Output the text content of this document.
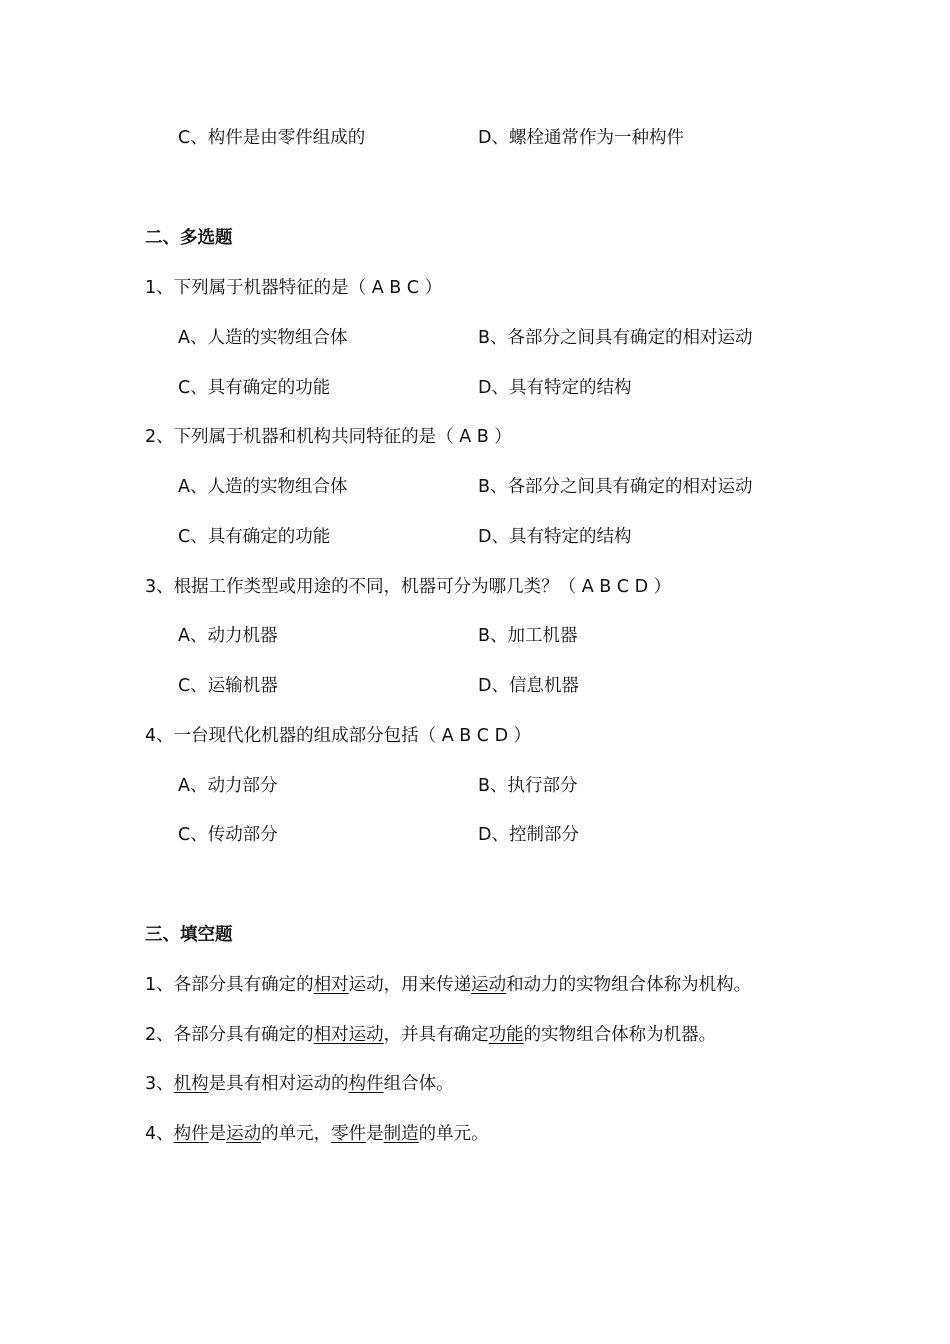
C、构件是由零件组成的	D、螺栓通常作为一种构件
二、多选题
1、下列属于机器特征的是（ A B C ）
A、人造的实物组合体	B、各部分之间具有确定的相对运动
C、具有确定的功能	D、具有特定的结构
2、下列属于机器和机构共同特征的是（ A B ）
A、人造的实物组合体	B、各部分之间具有确定的相对运动
C、具有确定的功能	D、具有特定的结构
3、根据工作类型或用途的不同，机器可分为哪几类？（ A B C D ）
A、动力机器	B、加工机器
C、运输机器	D、信息机器
4、一台现代化机器的组成部分包括（ A B C D ）
A、动力部分	B、执行部分
C、传动部分	D、控制部分
三、填空题
1、各部分具有确定的相对运动，用来传递运动和动力的实物组合体称为机构。
2、各部分具有确定的相对运动，并具有确定功能的实物组合体称为机器。
3、机构是具有相对运动的构件组合体。
4、构件是运动的单元，零件是制造的单元。
